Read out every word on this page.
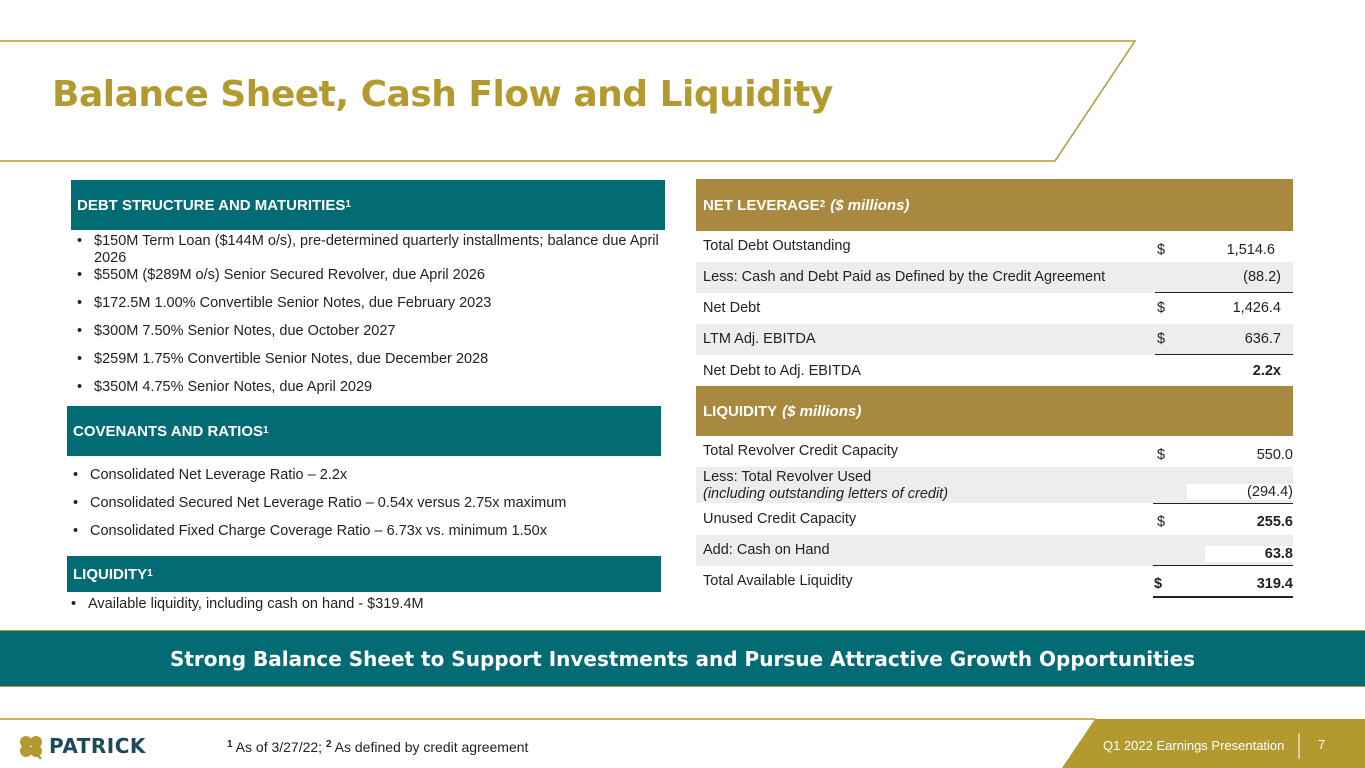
Balance Sheet, Cash Flow and Liquidity
DEBT STRUCTURE AND MATURITIES 1
• $150M Term Loan ($144M o/s), pre-determined quarterly installments; balance due April 2026
• $550M ($289M o/s) Senior Secured Revolver, due April 2026
• $172.5M 1.00% Convertible Senior Notes, due February 2023
• $300M 7.50% Senior Notes, due October 2027
• $259M 1.75% Convertible Senior Notes, due December 2028
• $350M 4.75% Senior Notes, due April 2029
COVENANTS AND RATIOS 1
• Consolidated Net Leverage Ratio – 2.2x
• Consolidated Secured Net Leverage Ratio – 0.54x versus 2.75x maximum
• Consolidated Fixed Charge Coverage Ratio – 6.73x vs. minimum 1.50x
LIQUIDITY 1
• Available liquidity, including cash on hand - $319.4M
NET LEVERAGE 2 ($ millions)
Total Debt Outstanding	$	1,514.6
Less: Cash and Debt Paid as Defined by the Credit Agreement	(88.2)
Net Debt	$	1,426.4
LTM Adj. EBITDA	$	636.7
Net Debt to Adj. EBITDA	2.2x
LIQUIDITY ($ millions)
Total Revolver Credit Capacity	$	550.0
Less: Total Revolver Used
(including outstanding letters of credit)	(294.4)
Unused Credit Capacity	$	255.6
Add: Cash on Hand	63.8
Total Available Liquidity	$	319.4
Strong Balance Sheet to Support Investments and Pursue Attractive Growth Opportunities
PATRICK	$^1$ As of 3/27/22; $^2$ As defined by credit agreement	Q1 2022 Earnings Presentation	7
